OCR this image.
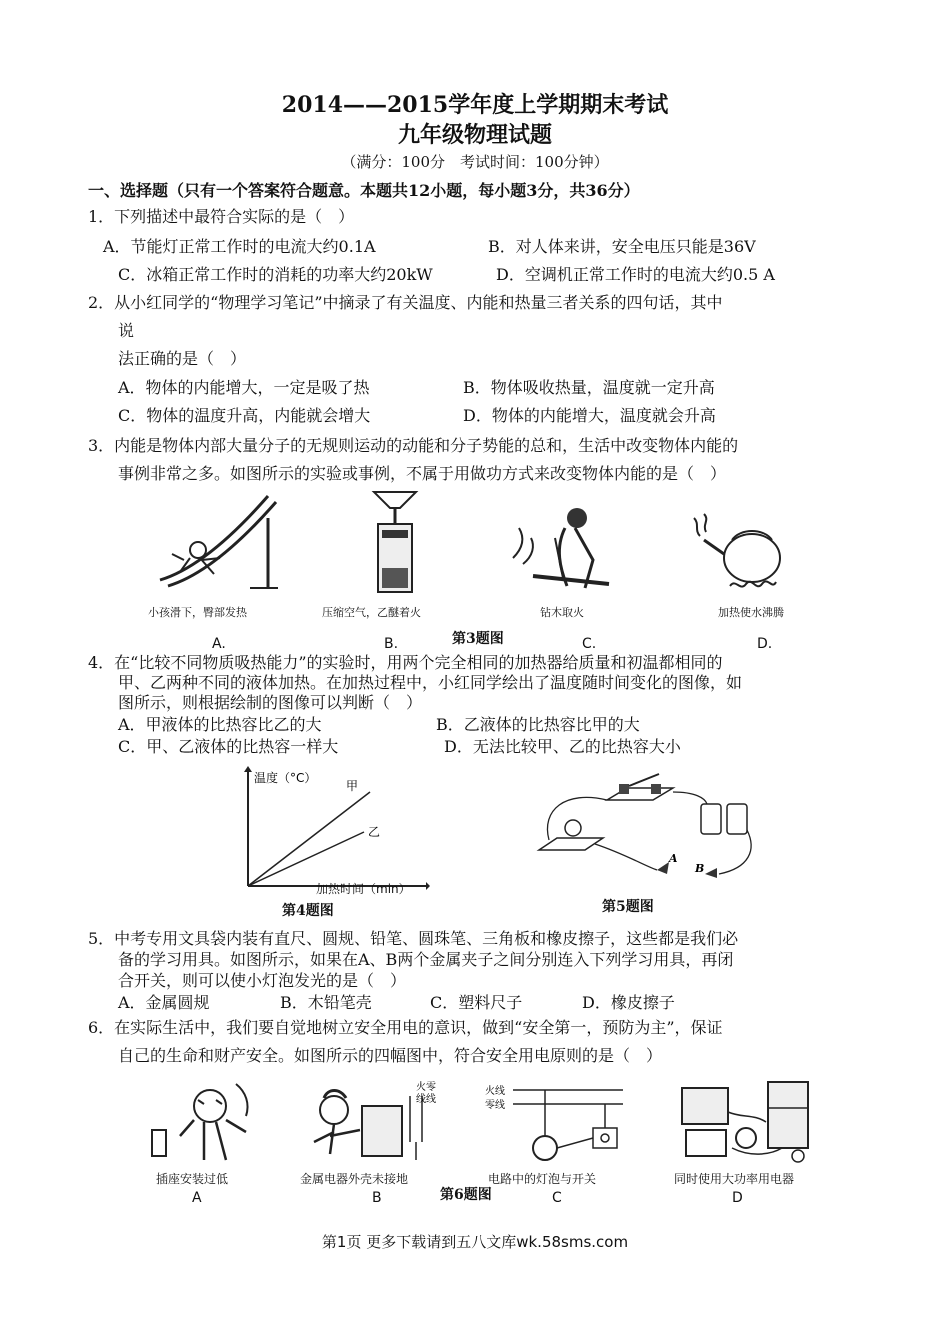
2014——2015学年度上学期期末考试
九年级物理试题
（满分：100分　考试时间：100分钟）
一、选择题（只有一个答案符合题意。本题共12小题，每小题3分，共36分）
1．下列描述中最符合实际的是（　）
A．节能灯正常工作时的电流大约0.1A	B．对人体来讲，安全电压只能是36V
C．冰箱正常工作时的消耗的功率大约20kW	D．空调机正常工作时的电流大约0.5 A
2．从小红同学的“物理学习笔记”中摘录了有关温度、内能和热量三者关系的四句话，其中
说
法正确的是（　）
A．物体的内能增大，一定是吸了热	B．物体吸收热量，温度就一定升高
C．物体的温度升高，内能就会增大	D．物体的内能增大，温度就会升高
3．内能是物体内部大量分子的无规则运动的动能和分子势能的总和，生活中改变物体内能的
事例非常之多。如图所示的实验或事例，不属于用做功方式来改变物体内能的是（　）
小孩滑下，臀部发热	压缩空气，乙醚着火	钻木取火	加热使水沸腾
A.	B.	第3题图	C.	D.
4．在“比较不同物质吸热能力”的实验时，用两个完全相同的加热器给质量和初温都相同的
甲、乙两种不同的液体加热。在加热过程中，小红同学绘出了温度随时间变化的图像，如
图所示，则根据绘制的图像可以判断（　）
A．甲液体的比热容比乙的大	B．乙液体的比热容比甲的大
C．甲、乙液体的比热容一样大	D．无法比较甲、乙的比热容大小
温度（°C）
甲
乙
加热时间（min）
第4题图
A
B
第5题图
5．中考专用文具袋内装有直尺、圆规、铅笔、圆珠笔、三角板和橡皮擦子，这些都是我们必
备的学习用具。如图所示，如果在A、B两个金属夹子之间分别连入下列学习用具，再闭
合开关，则可以使小灯泡发光的是（　）
A．金属圆规	B．木铅笔壳	C．塑料尺子	D．橡皮擦子
6．在实际生活中，我们要自觉地树立安全用电的意识，做到“安全第一，预防为主”，保证
自己的生命和财产安全。如图所示的四幅图中，符合安全用电原则的是（　）
火零
线线
火线
零线
插座安装过低	金属电器外壳未接地	电路中的灯泡与开关	同时使用大功率用电器
A	B	第6题图	C	D
第1页 更多下载请到五八文库wk.58sms.com
